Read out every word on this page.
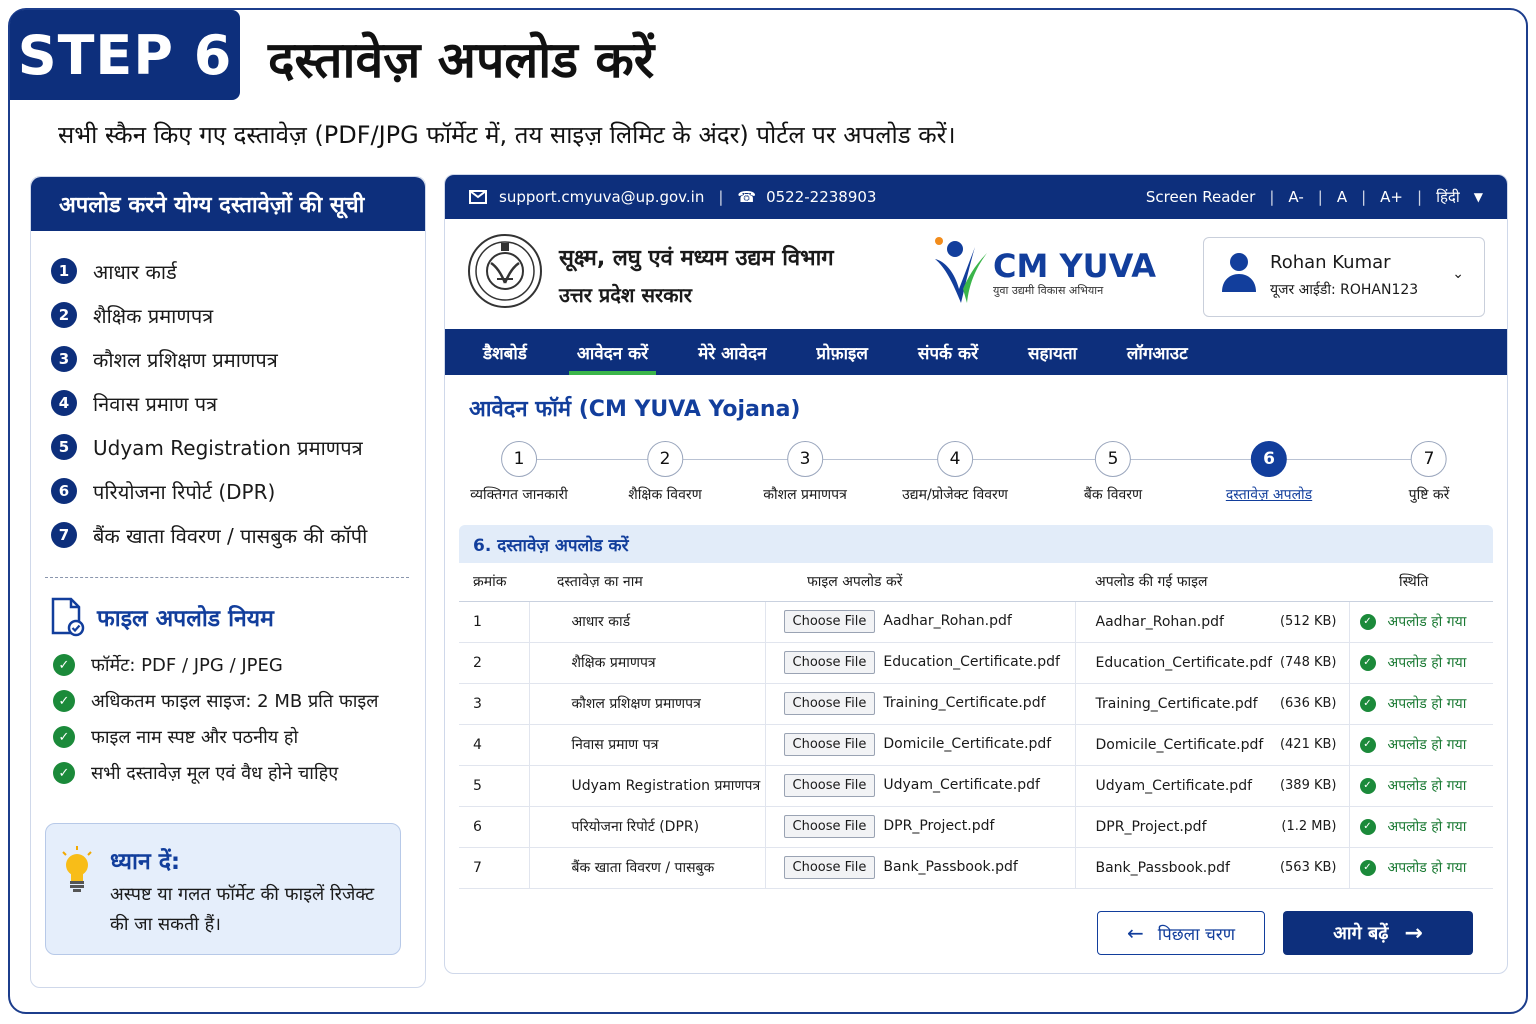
STEP 6 दस्तावेज़ अपलोड करें
सभी स्कैन किए गए दस्तावेज़ (PDF/JPG फॉर्मेट में, तय साइज़ लिमिट के अंदर) पोर्टल पर अपलोड करें।
अपलोड करने योग्य दस्तावेज़ों की सूची
1	आधार कार्ड
2	शैक्षिक प्रमाणपत्र
3	कौशल प्रशिक्षण प्रमाणपत्र
4	निवास प्रमाण पत्र
5	Udyam Registration प्रमाणपत्र
6	परियोजना रिपोर्ट (DPR)
7	बैंक खाता विवरण / पासबुक की कॉपी
फाइल अपलोड नियम
✓	फॉर्मेट: PDF / JPG / JPEG
✓	अधिकतम फाइल साइज: 2 MB प्रति फाइल
✓	फाइल नाम स्पष्ट और पठनीय हो
✓	सभी दस्तावेज़ मूल एवं वैध होने चाहिए
ध्यान दें:
अस्पष्ट या गलत फॉर्मेट की फाइलें रिजेक्ट की जा सकती हैं।
support.cmyuva@up.gov.in | ☎ 0522-2238903	Screen Reader | A- | A | A+ | हिंदी ▼
सूक्ष्म, लघु एवं मध्यम उद्यम विभाग
उत्तर प्रदेश सरकार
CM YUVA
युवा उद्यमी विकास अभियान
Rohan Kumar
यूजर आईडी: ROHAN123
⌄
डैशबोर्ड	आवेदन करें	मेरे आवेदन	प्रोफ़ाइल	संपर्क करें	सहायता	लॉगआउट
आवेदन फॉर्म (CM YUVA Yojana)
1
व्यक्तिगत जानकारी
2
शैक्षिक विवरण
3
कौशल प्रमाणपत्र
4
उद्यम/प्रोजेक्ट विवरण
5
बैंक विवरण
6
दस्तावेज़ अपलोड
7
पुष्टि करें
6. दस्तावेज़ अपलोड करें
क्रमांक	दस्तावेज़ का नाम	फाइल अपलोड करें	अपलोड की गई फाइल	स्थिति
1	आधार कार्ड	Choose File Aadhar_Rohan.pdf	Aadhar_Rohan.pdf (512 KB)	✓ अपलोड हो गया

2	शैक्षिक प्रमाणपत्र	Choose File Education_Certificate.pdf	Education_Certificate.pdf (748 KB)	✓ अपलोड हो गया

3	कौशल प्रशिक्षण प्रमाणपत्र	Choose File Training_Certificate.pdf	Training_Certificate.pdf (636 KB)	✓ अपलोड हो गया

4	निवास प्रमाण पत्र	Choose File Domicile_Certificate.pdf	Domicile_Certificate.pdf (421 KB)	✓ अपलोड हो गया

5	Udyam Registration प्रमाणपत्र	Choose File Udyam_Certificate.pdf	Udyam_Certificate.pdf (389 KB)	✓ अपलोड हो गया

6	परियोजना रिपोर्ट (DPR)	Choose File DPR_Project.pdf	DPR_Project.pdf (1.2 MB)	✓ अपलोड हो गया

7	बैंक खाता विवरण / पासबुक	Choose File Bank_Passbook.pdf	Bank_Passbook.pdf (563 KB)	✓ अपलोड हो गया
← पिछला चरण	आगे बढ़ें →
